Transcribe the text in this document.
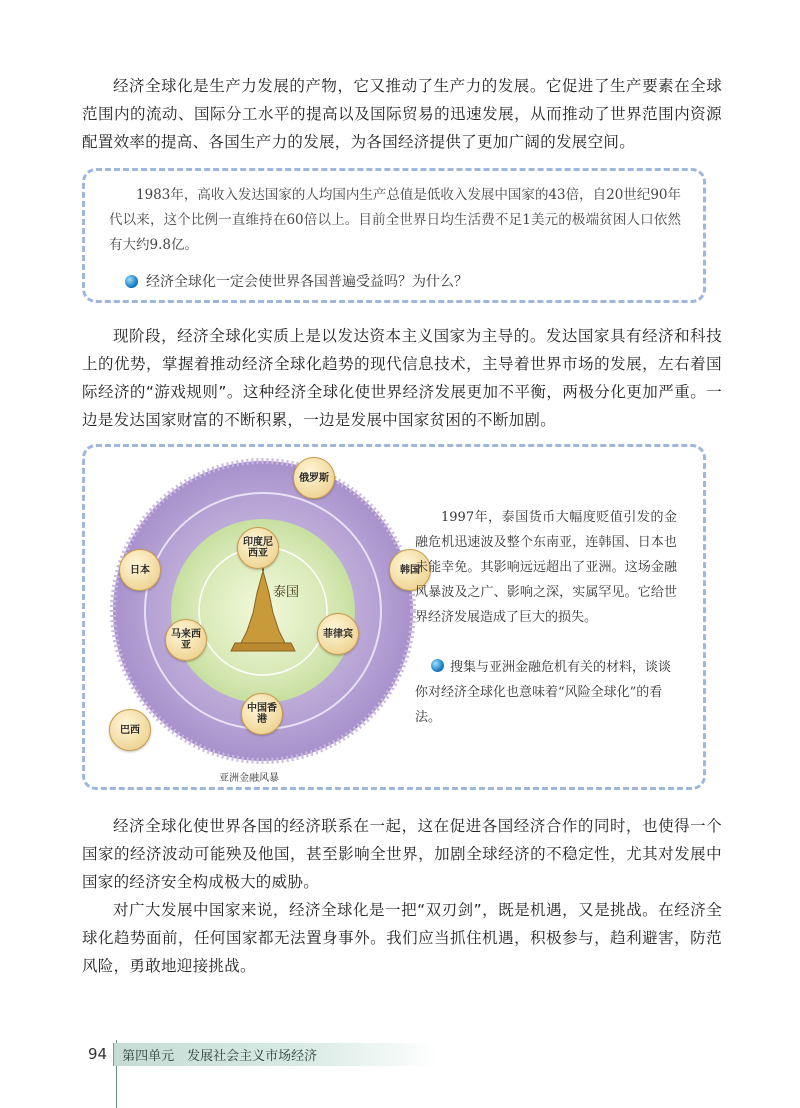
经济全球化是生产力发展的产物，它又推动了生产力的发展。它促进了生产要素在全球范围内的流动、国际分工水平的提高以及国际贸易的迅速发展，从而推动了世界范围内资源配置效率的提高、各国生产力的发展，为各国经济提供了更加广阔的发展空间。

1983年，高收入发达国家的人均国内生产总值是低收入发展中国家的43倍，自20世纪90年代以来，这个比例一直维持在60倍以上。目前全世界日均生活费不足1美元的极端贫困人口依然有大约9.8亿。

经济全球化一定会使世界各国普遍受益吗？为什么？

现阶段，经济全球化实质上是以发达资本主义国家为主导的。发达国家具有经济和科技上的优势，掌握着推动经济全球化趋势的现代信息技术，主导着世界市场的发展，左右着国际经济的“游戏规则”。这种经济全球化使世界经济发展更加不平衡，两极分化更加严重。一边是发达国家财富的不断积累，一边是发展中国家贫困的不断加剧。

泰国
俄罗斯
韩国
巴西
日本
印度尼西亚
菲律宾
中国香港
马来西亚
亚洲金融风暴

1997年，泰国货币大幅度贬值引发的金融危机迅速波及整个东南亚，连韩国、日本也未能幸免。其影响远远超出了亚洲。这场金融风暴波及之广、影响之深，实属罕见。它给世界经济发展造成了巨大的损失。

搜集与亚洲金融危机有关的材料，谈谈你对经济全球化也意味着“风险全球化”的看法。

经济全球化使世界各国的经济联系在一起，这在促进各国经济合作的同时，也使得一个国家的经济波动可能殃及他国，甚至影响全世界，加剧全球经济的不稳定性，尤其对发展中国家的经济安全构成极大的威胁。

对广大发展中国家来说，经济全球化是一把“双刃剑”，既是机遇，又是挑战。在经济全球化趋势面前，任何国家都无法置身事外。我们应当抓住机遇，积极参与，趋利避害，防范风险，勇敢地迎接挑战。

94	第四单元　发展社会主义市场经济
